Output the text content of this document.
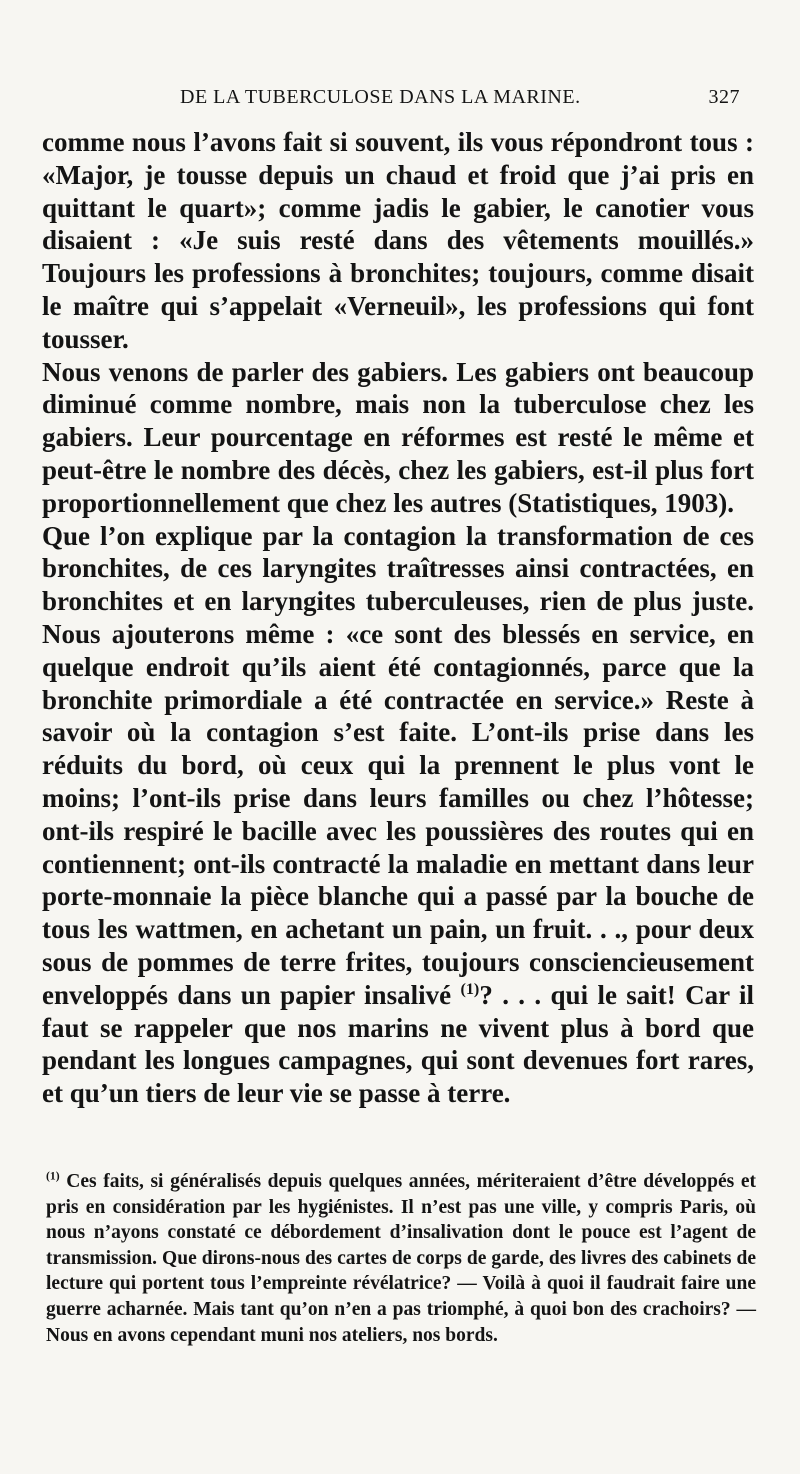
DE LA TUBERCULOSE DANS LA MARINE.	327

comme nous l’avons fait si souvent, ils vous répondront tous : «Major, je tousse depuis un chaud et froid que j’ai pris en quittant le quart»; comme jadis le gabier, le canotier vous disaient : «Je suis resté dans des vêtements mouillés.» Toujours les professions à bronchites; toujours, comme disait le maître qui s’appelait «Verneuil», les professions qui font tousser.

Nous venons de parler des gabiers. Les gabiers ont beaucoup diminué comme nombre, mais non la tuberculose chez les gabiers. Leur pourcentage en réformes est resté le même et peut-être le nombre des décès, chez les gabiers, est-il plus fort proportionnellement que chez les autres (Statistiques, 1903).

Que l’on explique par la contagion la transformation de ces bronchites, de ces laryngites traîtresses ainsi contractées, en bronchites et en laryngites tuberculeuses, rien de plus juste. Nous ajouterons même : «ce sont des blessés en service, en quelque endroit qu’ils aient été contagionnés, parce que la bronchite primordiale a été contractée en service.» Reste à savoir où la contagion s’est faite. L’ont-ils prise dans les réduits du bord, où ceux qui la prennent le plus vont le moins; l’ont-ils prise dans leurs familles ou chez l’hôtesse; ont-ils respiré le bacille avec les poussières des routes qui en contiennent; ont-ils contracté la maladie en mettant dans leur porte-monnaie la pièce blanche qui a passé par la bouche de tous les wattmen, en achetant un pain, un fruit. . ., pour deux sous de pommes de terre frites, toujours consciencieusement enveloppés dans un papier insalivé $^{(1)}$? . . . qui le sait! Car il faut se rappeler que nos marins ne vivent plus à bord que pendant les longues campagnes, qui sont devenues fort rares, et qu’un tiers de leur vie se passe à terre.

$^{(1)}$ Ces faits, si généralisés depuis quelques années, mériteraient d’être développés et pris en considération par les hygiénistes. Il n’est pas une ville, y compris Paris, où nous n’ayons constaté ce débordement d’insalivation dont le pouce est l’agent de transmission. Que dirons-nous des cartes de corps de garde, des livres des cabinets de lecture qui portent tous l’empreinte révélatrice? — Voilà à quoi il faudrait faire une guerre acharnée. Mais tant qu’on n’en a pas triomphé, à quoi bon des crachoirs? — Nous en avons cependant muni nos ateliers, nos bords.
